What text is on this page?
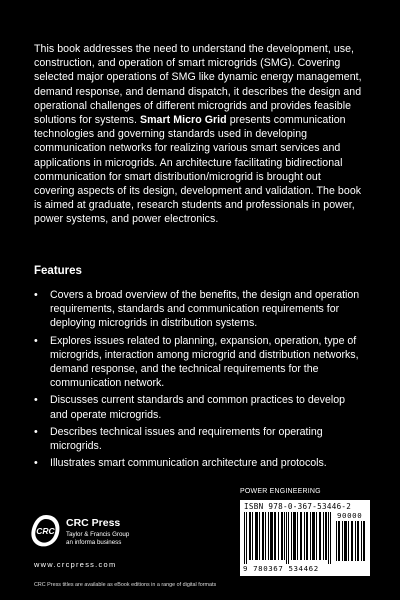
This book addresses the need to understand the development, use, construction, and operation of smart microgrids (SMG). Covering selected major operations of SMG like dynamic energy management, demand response, and demand dispatch, it describes the design and operational challenges of different microgrids and provides feasible solutions for systems. Smart Micro Grid presents communication technologies and governing standards used in developing communication networks for realizing various smart services and applications in microgrids. An architecture facilitating bidirectional communication for smart distribution/microgrid is brought out covering aspects of its design, development and validation. The book is aimed at graduate, research students and professionals in power, power systems, and power electronics.

Features
• Covers a broad overview of the benefits, the design and operation requirements, standards and communication requirements for deploying microgrids in distribution systems.
• Explores issues related to planning, expansion, operation, type of microgrids, interaction among microgrid and distribution networks, demand response, and the technical requirements for the communication network.
• Discusses current standards and common practices to develop and operate microgrids.
• Describes technical issues and requirements for operating microgrids.
• Illustrates smart communication architecture and protocols.
CRC

CRC Press

Taylor & Francis Group

an informa business

www.crcpress.com

CRC Press titles are available as eBook editions in a range of digital formats

POWER ENGINEERING

ISBN 978-0-367-53446-2
90000
9 780367 534462
